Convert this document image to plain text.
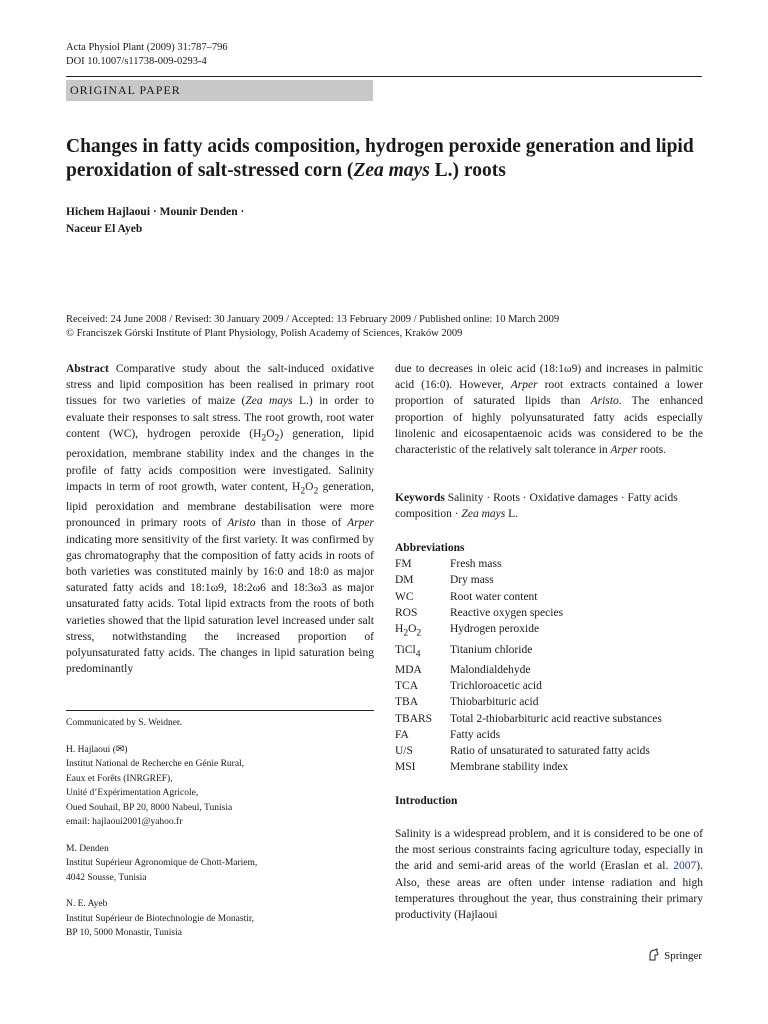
Acta Physiol Plant (2009) 31:787–796
DOI 10.1007/s11738-009-0293-4
ORIGINAL PAPER
Changes in fatty acids composition, hydrogen peroxide generation and lipid peroxidation of salt-stressed corn (Zea mays L.) roots
Hichem Hajlaoui · Mounir Denden ·
Naceur El Ayeb
Received: 24 June 2008 / Revised: 30 January 2009 / Accepted: 13 February 2009 / Published online: 10 March 2009
© Franciszek Górski Institute of Plant Physiology, Polish Academy of Sciences, Kraków 2009

Abstract Comparative study about the salt-induced oxidative stress and lipid composition has been realised in primary root tissues for two varieties of maize (Zea mays L.) in order to evaluate their responses to salt stress. The root growth, root water content (WC), hydrogen peroxide $(H_2O_2)$ generation, lipid peroxidation, membrane stability index and the changes in the profile of fatty acids composition were investigated. Salinity impacts in term of root growth, water content, $H_2O_2$ generation, lipid peroxidation and membrane destabilisation were more pronounced in primary roots of Aristo than in those of Arper indicating more sensitivity of the first variety. It was confirmed by gas chromatography that the composition of fatty acids in roots of both varieties was constituted mainly by 16:0 and 18:0 as major saturated fatty acids and 18:1ω9, 18:2ω6 and 18:3ω3 as major unsaturated fatty acids. Total lipid extracts from the roots of both varieties showed that the lipid saturation level increased under salt stress, notwithstanding the increased proportion of polyunsaturated fatty acids. The changes in lipid saturation being predominantly

Communicated by S. Weidner.

H. Hajlaoui (✉)

Institut National de Recherche en Génie Rural,

Eaux et Forêts (INRGREF),

Unité d’Expérimentation Agricole,

Oued Souhail, BP 20, 8000 Nabeul, Tunisia

email: hajlaoui2001@yahoo.fr

M. Denden

Institut Supérieur Agronomique de Chott-Mariem,

4042 Sousse, Tunisia

N. E. Ayeb

Institut Supérieur de Biotechnologie de Monastir,

BP 10, 5000 Monastir, Tunisia

due to decreases in oleic acid (18:1ω9) and increases in palmitic acid (16:0). However, Arper root extracts contained a lower proportion of saturated lipids than Aristo. The enhanced proportion of highly polyunsaturated fatty acids especially linolenic and eicosapentaenoic acids was considered to be the characteristic of the relatively salt tolerance in Arper roots.

Keywords Salinity · Roots · Oxidative damages · Fatty acids composition · Zea mays L.
Abbreviations
FM	Fresh mass
DM	Dry mass
WC	Root water content
ROS	Reactive oxygen species
$H_2O_2$	Hydrogen peroxide
TiCl$_4$	Titanium chloride
MDA	Malondialdehyde
TCA	Trichloroacetic acid
TBA	Thiobarbituric acid
TBARS	Total 2-thiobarbituric acid reactive substances
FA	Fatty acids
U/S	Ratio of unsaturated to saturated fatty acids
MSI	Membrane stability index
Introduction

Salinity is a widespread problem, and it is considered to be one of the most serious constraints facing agriculture today, especially in the arid and semi-arid areas of the world (Eraslan et al. 2007). Also, these areas are often under intense radiation and high temperatures throughout the year, thus constraining their primary productivity (Hajlaoui

Springer
